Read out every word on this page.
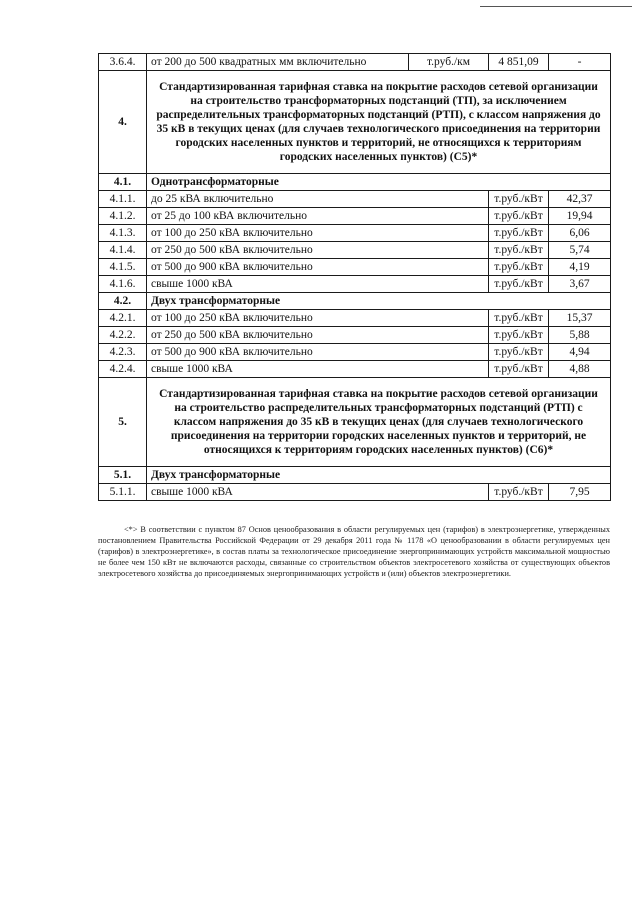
3.6.4.	от 200 до 500 квадратных мм включительно	т.руб./км	4 851,09	-
4.	Стандартизированная тарифная ставка на покрытие расходов сетевой организации на строительство трансформаторных подстанций (ТП), за исключением распределительных трансформаторных подстанций (РТП), с классом напряжения до 35 кВ в текущих ценах (для случаев технологического присоединения на территории городских населенных пунктов и территорий, не относящихся к территориям городских населенных пунктов) (С5)*			
4.1.	Однотрансформаторные			
4.1.1.	до 25 кВА включительно		т.руб./кВт	42,37
4.1.2.	от 25 до 100 кВА включительно		т.руб./кВт	19,94
4.1.3.	от 100 до 250 кВА включительно		т.руб./кВт	6,06
4.1.4.	от 250 до 500 кВА включительно		т.руб./кВт	5,74
4.1.5.	от 500 до 900 кВА включительно		т.руб./кВт	4,19
4.1.6.	свыше 1000 кВА		т.руб./кВт	3,67
4.2.	Двух трансформаторные			
4.2.1.	от 100 до 250 кВА включительно		т.руб./кВт	15,37
4.2.2.	от 250 до 500 кВА включительно		т.руб./кВт	5,88
4.2.3.	от 500 до 900 кВА включительно		т.руб./кВт	4,94
4.2.4.	свыше 1000 кВА		т.руб./кВт	4,88
5.	Стандартизированная тарифная ставка на покрытие расходов сетевой организации на строительство распределительных трансформаторных подстанций (РТП) с классом напряжения до 35 кВ в текущих ценах (для случаев технологического присоединения на территории городских населенных пунктов и территорий, не относящихся к территориям городских населенных пунктов) (С6)*			
5.1.	Двух трансформаторные			
5.1.1.	свыше 1000 кВА		т.руб./кВт	7,95
<*> В соответствии с пунктом 87 Основ ценообразования в области регулируемых цен (тарифов) в электроэнергетике, утвержденных постановлением Правительства Российской Федерации от 29 декабря 2011 года № 1178 «О ценообразовании в области регулируемых цен (тарифов) в электроэнергетике», в состав платы за технологическое присоединение энергопринимающих устройств максимальной мощностью не более чем 150 кВт не включаются расходы, связанные со строительством объектов электросетевого хозяйства от существующих объектов электросетевого хозяйства до присоединяемых энергопринимающих устройств и (или) объектов электроэнергетики.
